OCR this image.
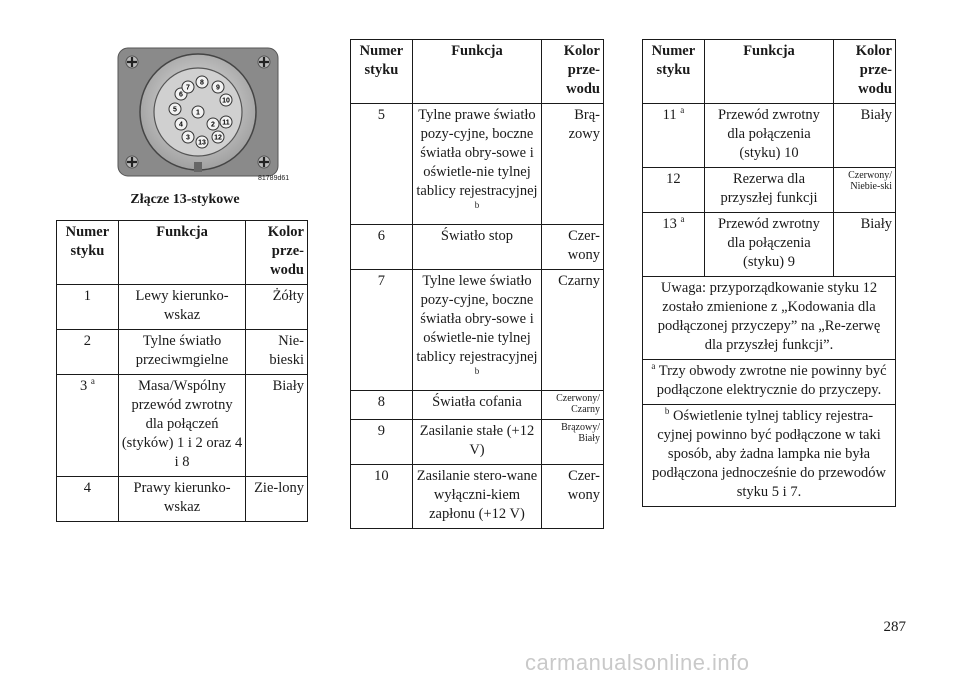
1
2
3
4
5
6
7
8
9
10
11
12
13
81789d61
Złącze 13-stykowe
Numer styku	Funkcja	Kolor prze-wodu
1	Lewy kierunko-wskaz	Żółty
2	Tylne światło przeciwmgielne	Nie-bieski
3 $^a$	Masa/Wspólny przewód zwrotny dla połączeń (styków) 1 i 2 oraz 4 i 8	Biały
4	Prawy kierunko-wskaz	Zie-lony
Numer styku	Funkcja	Kolor prze-wodu
5	Tylne prawe światło pozy-cyjne, boczne światła obry-sowe i oświetle-nie tylnej tablicy rejestracyjnej $^b$	Brą-zowy
6	Światło stop	Czer-wony
7	Tylne lewe światło pozy-cyjne, boczne światła obry-sowe i oświetle-nie tylnej tablicy rejestracyjnej $^b$	Czarny
8	Światła cofania	Czerwony/ Czarny
9	Zasilanie stałe (+12 V)	Brązowy/ Biały
10	Zasilanie stero-wane wyłączni-kiem zapłonu (+12 V)	Czer-wony
Numer styku	Funkcja	Kolor prze-wodu
11 $^a$	Przewód zwrotny dla połączenia (styku) 10	Biały
12	Rezerwa dla przyszłej funkcji	Czerwony/ Niebie-ski
13 $^a$	Przewód zwrotny dla połączenia (styku) 9	Biały
Uwaga: przyporządkowanie styku 12 zostało zmienione z „Kodowania dla podłączonej przyczepy” na „Re-zerwę dla przyszłej funkcji”.		
$^a$ Trzy obwody zwrotne nie powinny być podłączone elektrycznie do przyczepy.		
$^b$ Oświetlenie tylnej tablicy rejestra-cyjnej powinno być podłączone w taki sposób, aby żadna lampka nie była podłączona jednocześnie do przewodów styku 5 i 7.		
287
carmanualsonline.info
